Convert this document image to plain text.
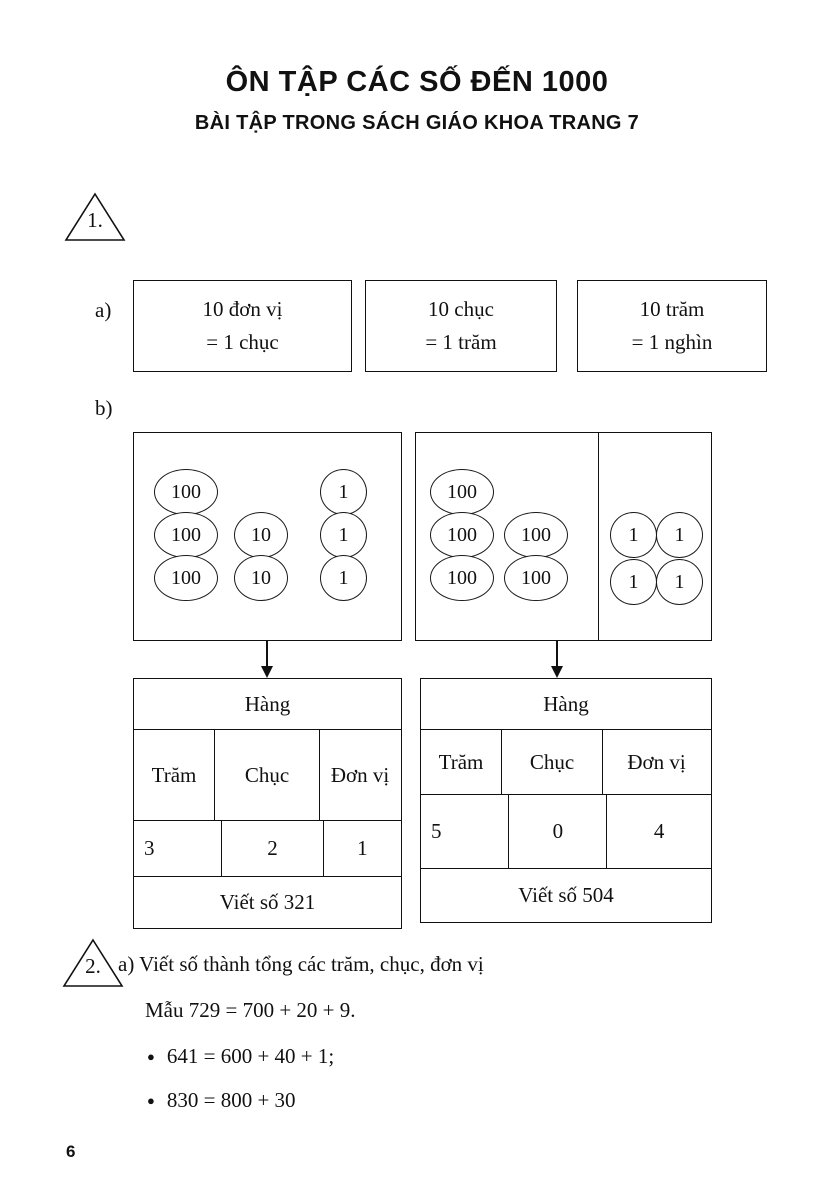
ÔN TẬP CÁC SỐ ĐẾN 1000
BÀI TẬP TRONG SÁCH GIÁO KHOA TRANG 7
1.
a)	10 đơn vị
= 1 chục
10 chục
= 1 trăm
10 trăm
= 1 nghìn
b)
100
100
100
10
10
1
1
1
100
100
100
100
100
1	1
1	1
Hàng
Trăm	Chục	Đơn vị
3	2	1
Viết số 321
Hàng
Trăm	Chục	Đơn vị
5	0	4
Viết số 504
2. a) Viết số thành tổng các trăm, chục, đơn vị
Mẫu 729 = 700 + 20 + 9.
● 641 = 600 + 40 + 1;
● 830 = 800 + 30
6
